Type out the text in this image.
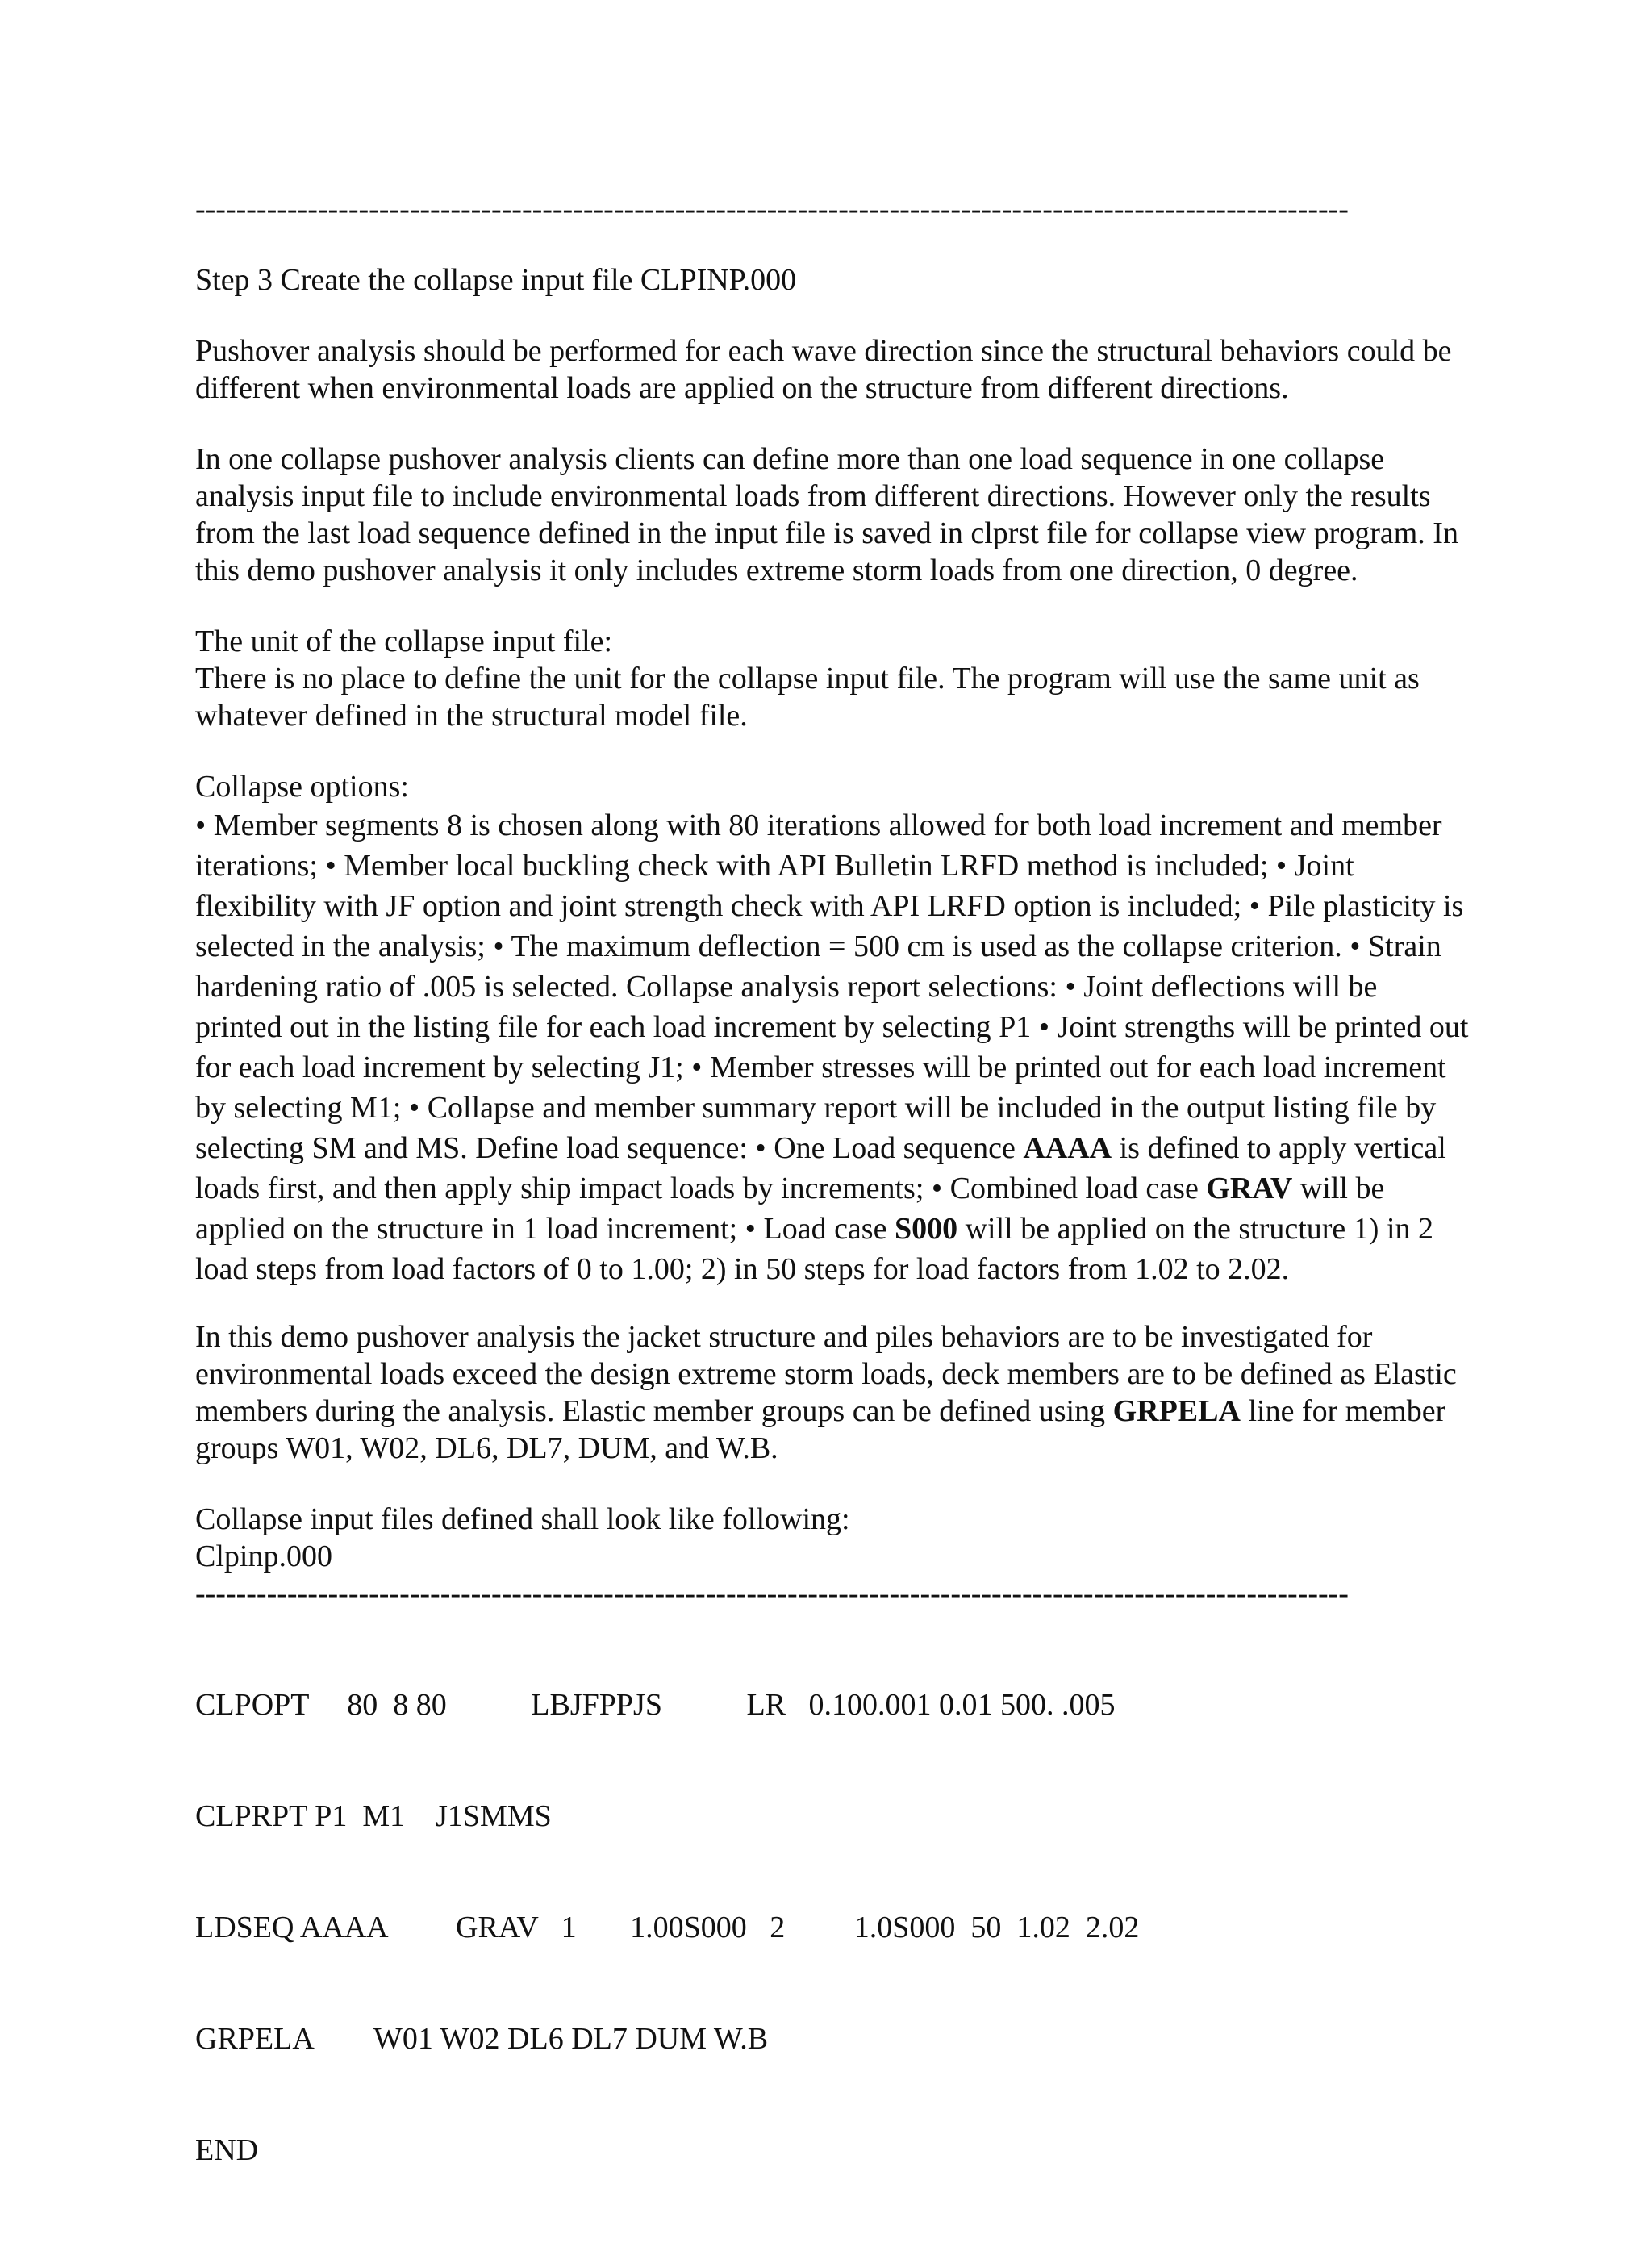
-----------------------------------------------------------------------------------------------------------------

Step 3 Create the collapse input file CLPINP.000

Pushover analysis should be performed for each wave direction since the structural behaviors could be different when environmental loads are applied on the structure from different directions.

In one collapse pushover analysis clients can define more than one load sequence in one collapse analysis input file to include environmental loads from different directions. However only the results from the last load sequence defined in the input file is saved in clprst file for collapse view program. In this demo pushover analysis it only includes extreme storm loads from one direction, 0 degree.

The unit of the collapse input file:

There is no place to define the unit for the collapse input file. The program will use the same unit as whatever defined in the structural model file.

Collapse options:

• Member segments 8 is chosen along with 80 iterations allowed for both load increment and member iterations; • Member local buckling check with API Bulletin LRFD method is included; • Joint flexibility with JF option and joint strength check with API LRFD option is included; • Pile plasticity is selected in the analysis; • The maximum deflection = 500 cm is used as the collapse criterion. • Strain hardening ratio of .005 is selected. Collapse analysis report selections: • Joint deflections will be printed out in the listing file for each load increment by selecting P1 • Joint strengths will be printed out for each load increment by selecting J1; • Member stresses will be printed out for each load increment by selecting M1; • Collapse and member summary report will be included in the output listing file by selecting SM and MS. Define load sequence: • One Load sequence AAAA is defined to apply vertical loads first, and then apply ship impact loads by increments; • Combined load case GRAV will be applied on the structure in 1 load increment; • Load case S000 will be applied on the structure 1) in 2 load steps from load factors of 0 to 1.00; 2) in 50 steps for load factors from 1.02 to 2.02.

In this demo pushover analysis the jacket structure and piles behaviors are to be investigated for environmental loads exceed the design extreme storm loads, deck members are to be defined as Elastic members during the analysis. Elastic member groups can be defined using GRPELA line for member groups W01, W02, DL6, DL7, DUM, and W.B.

Collapse input files defined shall look like following:

Clpinp.000

-----------------------------------------------------------------------------------------------------------------

CLPOPT     80  8 80           LBJFPPJS           LR   0.100.001 0.01 500. .005

CLPRPT P1  M1    J1SMMS

LDSEQ AAAA         GRAV   1       1.00S000   2         1.0S000  50  1.02  2.02

GRPELA        W01 W02 DL6 DL7 DUM W.B

END
